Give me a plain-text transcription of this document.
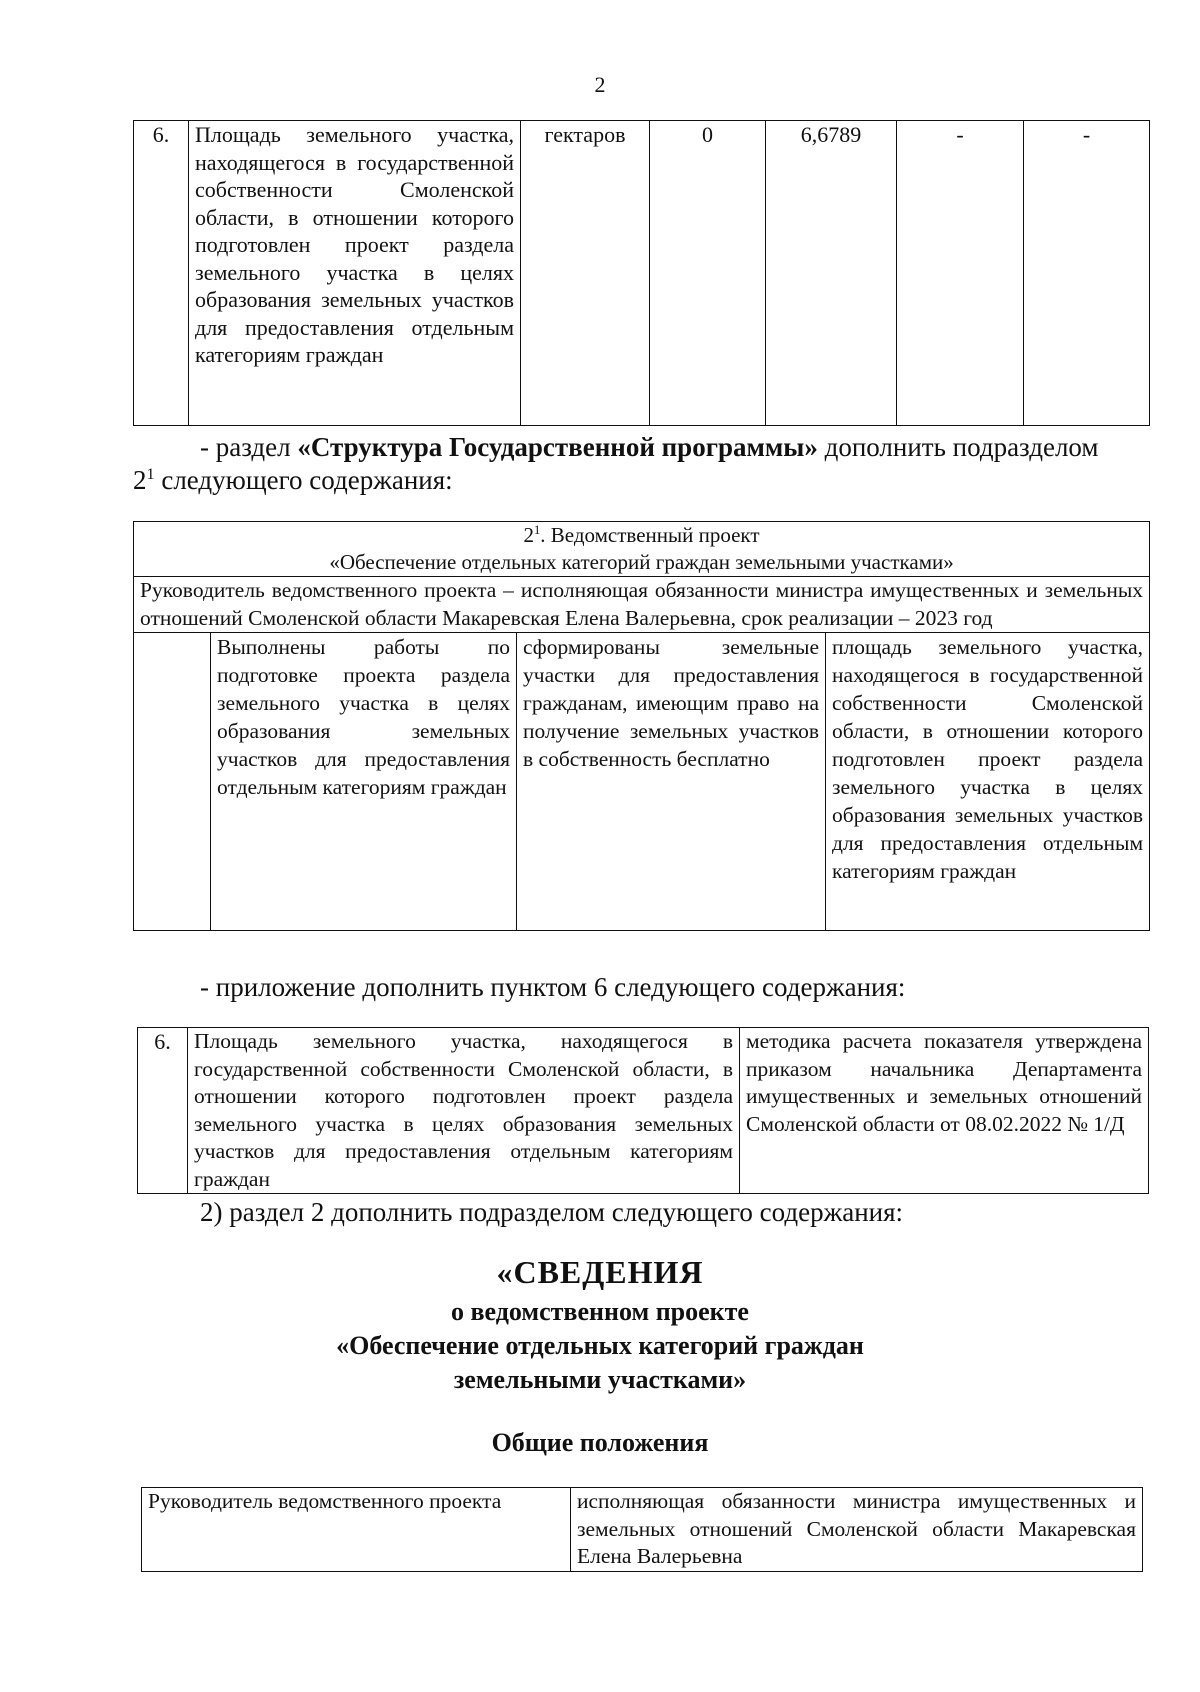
2
6.	Площадь земельного участка, находящегося в государственной собственности Смоленской области, в отношении которого подготовлен проект раздела земельного участка в целях образования земельных участков для предоставления отдельным категориям граждан	гектаров	0	6,6789	-	-
- раздел «Структура Государственной программы» дополнить подразделом
$2^1$ следующего содержания:
$2^1$. Ведомственный проект
«Обеспечение отдельных категорий граждан земельными участками»
Руководитель ведомственного проекта – исполняющая обязанности министра имущественных и земельных отношений Смоленской области Макаревская Елена Валерьевна, срок реализации – 2023 год
	Выполнены работы по подготовке проекта раздела земельного участка в целях образования земельных участков для предоставления отдельным категориям граждан	сформированы земельные участки для предоставления гражданам, имеющим право на получение земельных участков в собственность бесплатно	площадь земельного участка, находящегося в государственной собственности Смоленской области, в отношении которого подготовлен проект раздела земельного участка в целях образования земельных участков для предоставления отдельным категориям граждан
- приложение дополнить пунктом 6 следующего содержания:
6.	Площадь земельного участка, находящегося в государственной собственности Смоленской области, в отношении которого подготовлен проект раздела земельного участка в целях образования земельных участков для предоставления отдельным категориям граждан	методика расчета показателя утверждена приказом начальника Департамента имущественных и земельных отношений Смоленской области от 08.02.2022 № 1/Д
2) раздел 2 дополнить подразделом следующего содержания:
«СВЕДЕНИЯ
о ведомственном проекте
«Обеспечение отдельных категорий граждан
земельными участками»
Общие положения
Руководитель ведомственного проекта	исполняющая обязанности министра имущественных и земельных отношений Смоленской области Макаревская Елена Валерьевна
